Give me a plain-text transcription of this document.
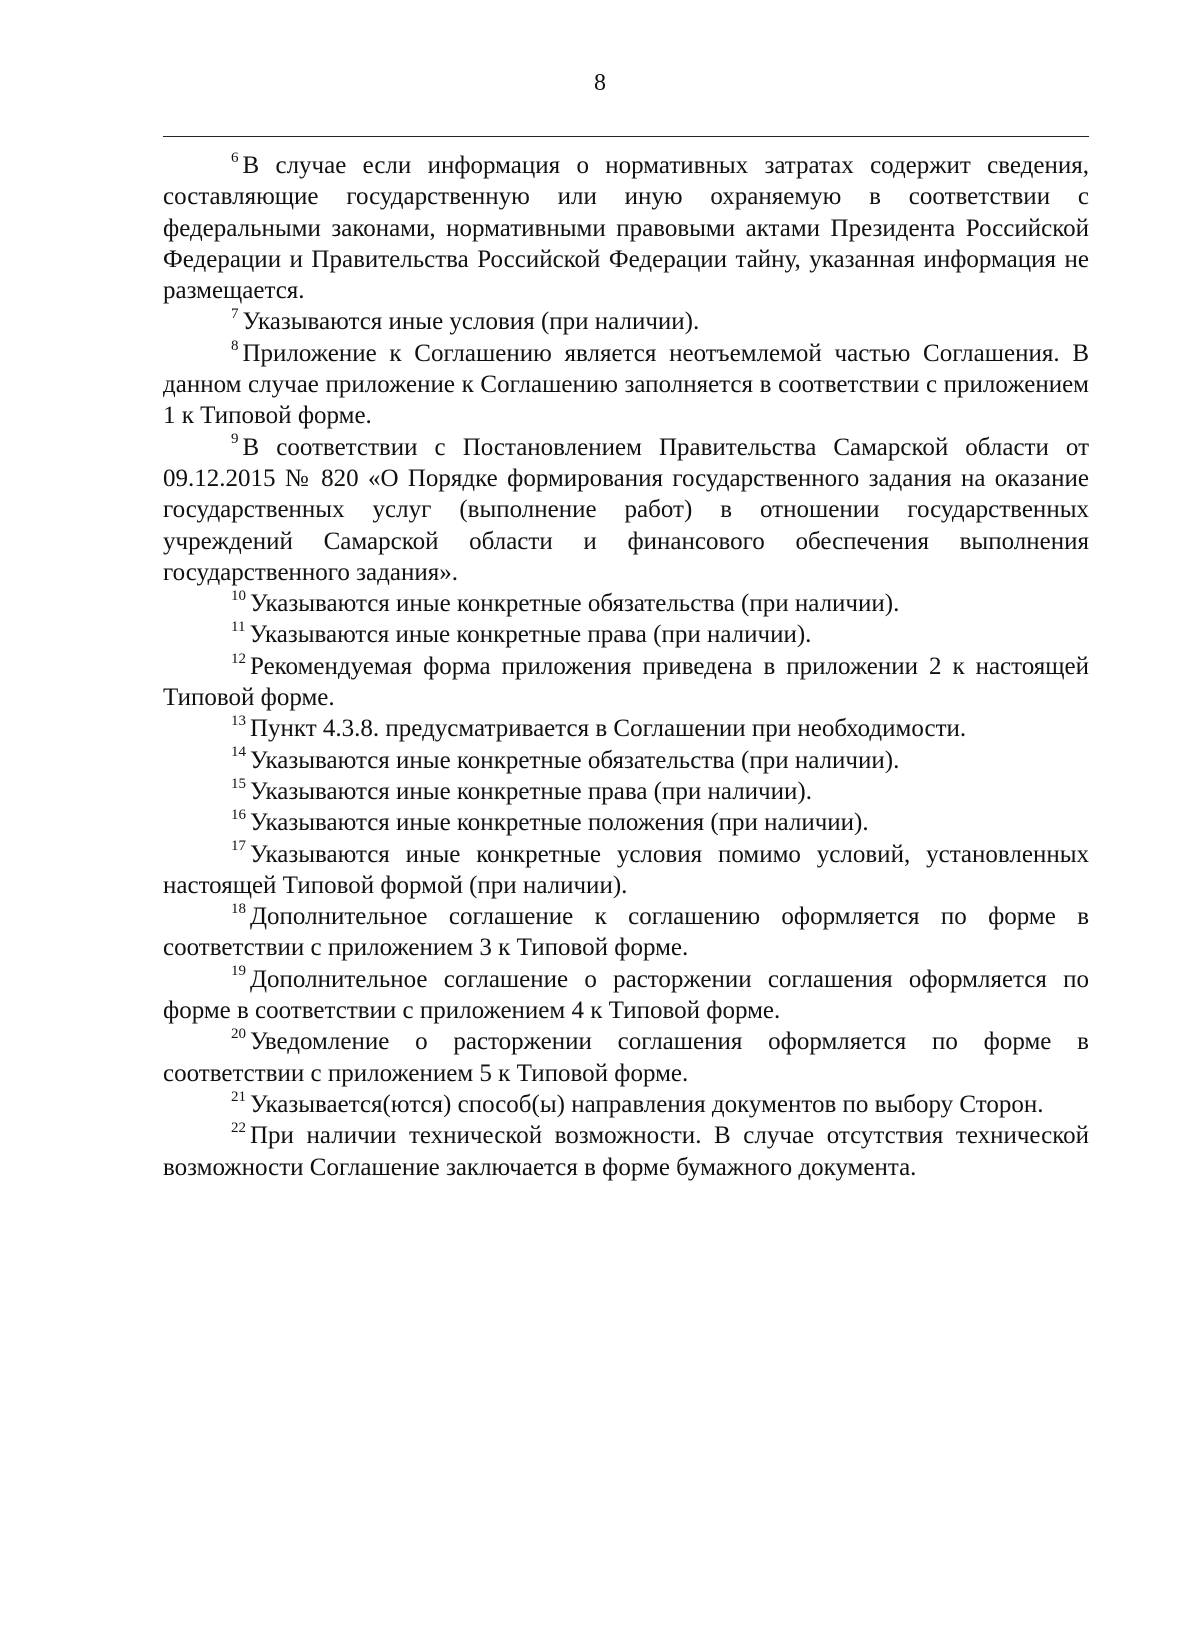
8

$^6$ В случае если информация о нормативных затратах содержит сведения, составляющие государственную или иную охраняемую в соответствии с федеральными законами, нормативными правовыми актами Президента Российской Федерации и Правительства Российской Федерации тайну, указанная информация не размещается.

$^7$ Указываются иные условия (при наличии).

$^8$ Приложение к Соглашению является неотъемлемой частью Соглашения. В данном случае приложение к Соглашению заполняется в соответствии с приложением 1 к Типовой форме.

$^9$ В соответствии с Постановлением Правительства Самарской области от 09.12.2015 № 820 «О Порядке формирования государственного задания на оказание государственных услуг (выполнение работ) в отношении государственных учреждений Самарской области и финансового обеспечения выполнения государственного задания».

$^{10}$ Указываются иные конкретные обязательства (при наличии).

$^{11}$ Указываются иные конкретные права (при наличии).

$^{12}$ Рекомендуемая форма приложения приведена в приложении 2 к настоящей Типовой форме.

$^{13}$ Пункт 4.3.8. предусматривается в Соглашении при необходимости.

$^{14}$ Указываются иные конкретные обязательства (при наличии).

$^{15}$ Указываются иные конкретные права (при наличии).

$^{16}$ Указываются иные конкретные положения (при наличии).

$^{17}$ Указываются иные конкретные условия помимо условий, установленных настоящей Типовой формой (при наличии).

$^{18}$ Дополнительное соглашение к соглашению оформляется по форме в соответствии с приложением 3 к Типовой форме.

$^{19}$ Дополнительное соглашение о расторжении соглашения оформляется по форме в соответствии с приложением 4 к Типовой форме.

$^{20}$ Уведомление о расторжении соглашения оформляется по форме в соответствии с приложением 5 к Типовой форме.

$^{21}$ Указывается(ются) способ(ы) направления документов по выбору Сторон.

$^{22}$ При наличии технической возможности. В случае отсутствия технической возможности Соглашение заключается в форме бумажного документа.
